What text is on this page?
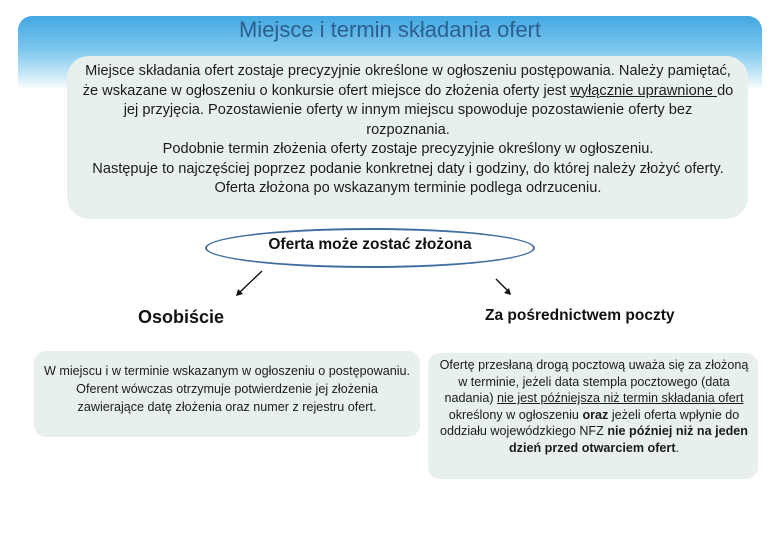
Miejsce i termin składania ofert

Miejsce składania ofert zostaje precyzyjnie określone w ogłoszeniu postępowania. Należy pamiętać, że wskazane w ogłoszeniu o konkursie ofert miejsce do złożenia oferty jest wyłącznie uprawnione do jej przyjęcia. Pozostawienie oferty w innym miejscu spowoduje pozostawienie oferty bez rozpoznania.

Podobnie termin złożenia oferty zostaje precyzyjnie określony w ogłoszeniu.

Następuje to najczęściej poprzez podanie konkretnej daty i godziny, do której należy złożyć oferty. Oferta złożona po wskazanym terminie podlega odrzuceniu.

Oferta może zostać złożona
Osobiście	Za pośrednictwem poczty
W miejscu i w terminie wskazanym w ogłoszeniu o postępowaniu. Oferent wówczas otrzymuje potwierdzenie jej złożenia zawierające datę złożenia oraz numer z rejestru ofert.
Ofertę przesłaną drogą pocztową uważa się za złożoną w terminie, jeżeli data stempla pocztowego (data nadania) nie jest późniejsza niż termin składania ofert określony w ogłoszeniu oraz jeżeli oferta wpłynie do oddziału wojewódzkiego NFZ nie później niż na jeden dzień przed otwarciem ofert.
